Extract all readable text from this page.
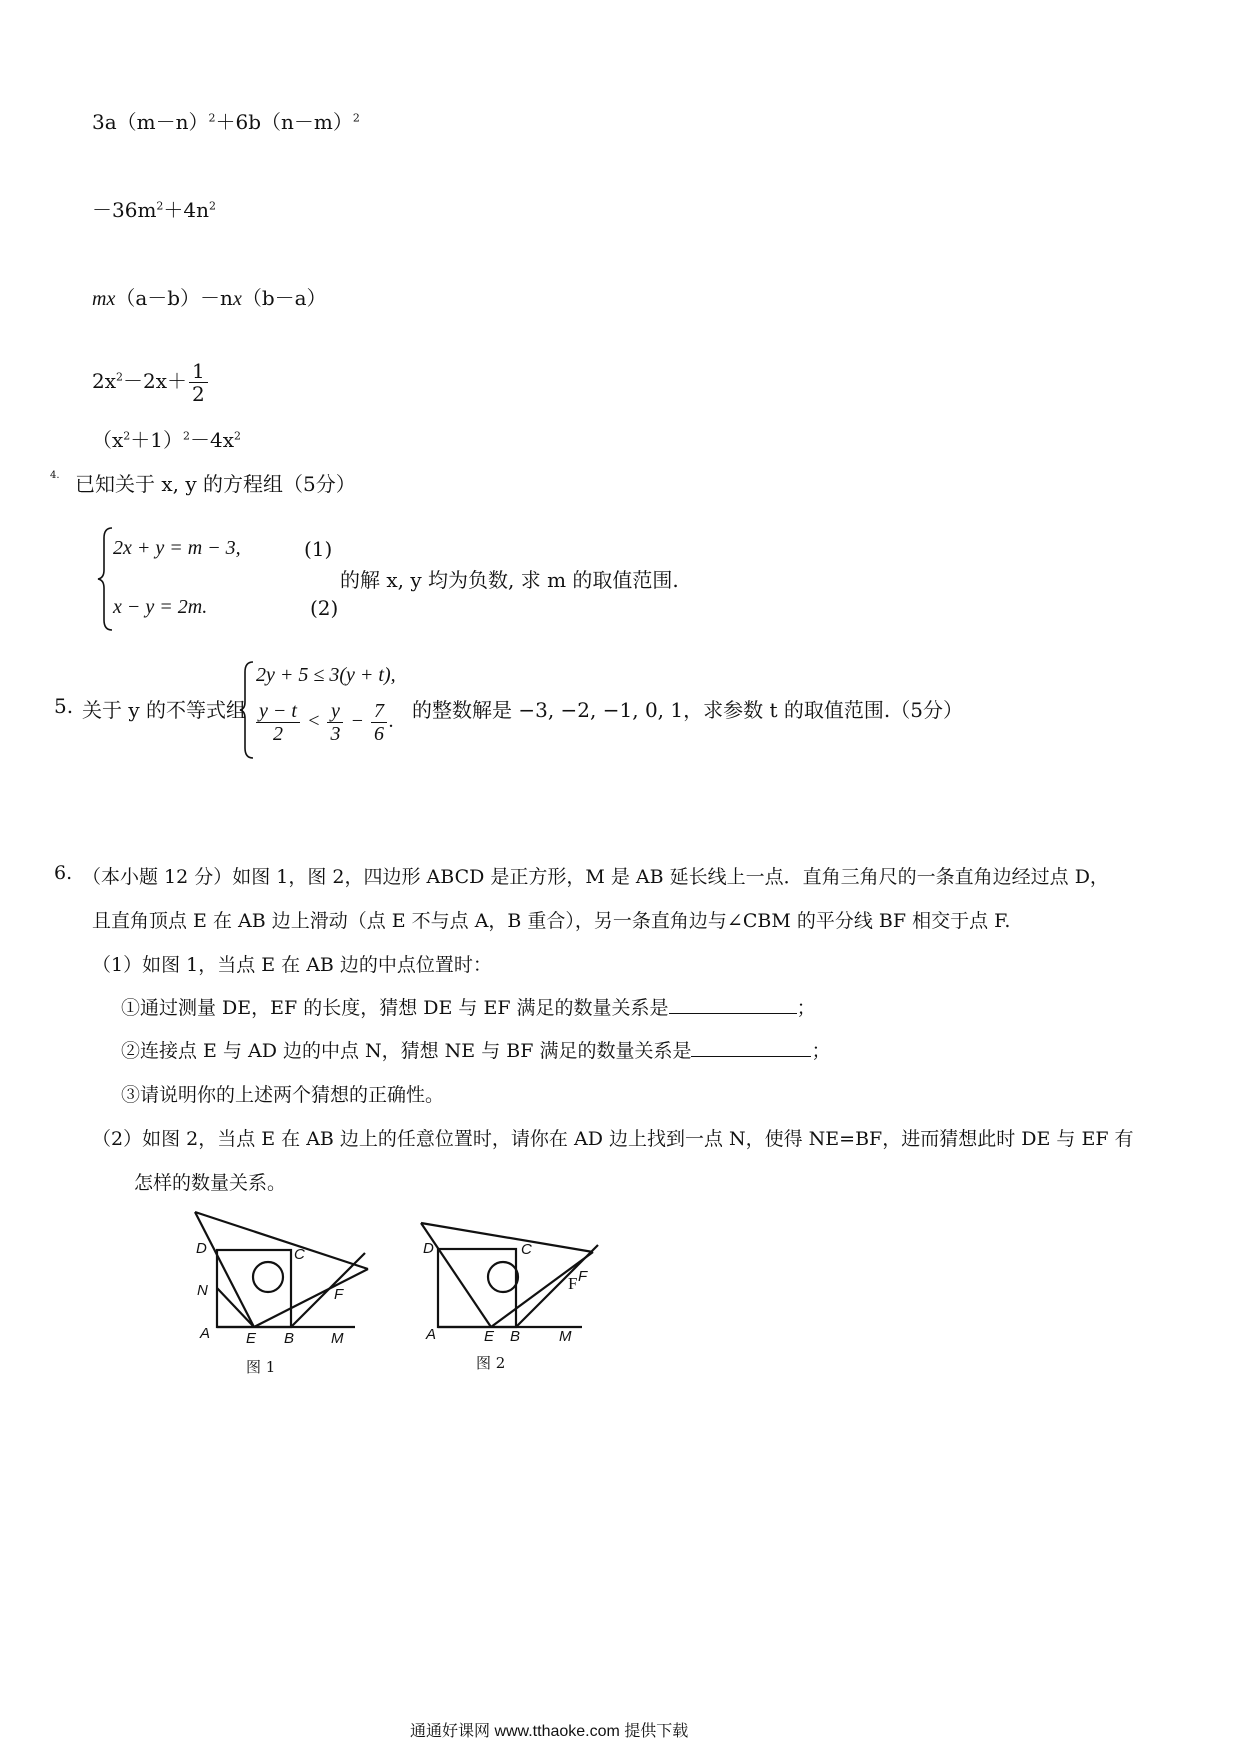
$3a(m-n)^2+6b(n-m)^2$
$-36m^2+4n^2$
mx（a－b）－nx（b－a）
$2x^2-2x+ \frac{1}{2}$
$(x^2+1)^2-4x^2$
4. 已知关于 x, y 的方程组（5分）
2x + y = m − 3,	(1)
x − y = 2m.	(2)
的解 x, y 均为负数, 求 m 的取值范围.
5. 关于 y 的不等式组
2y + 5 ≤ 3(y + t),
$\frac{y - t}{2} < \frac{y}{3} - \frac{7}{6}$ . 的整数解是 −3, −2, −1, 0, 1，求参数 t 的取值范围.（5分）
6. （本小题 12 分）如图 1，图 2，四边形 ABCD 是正方形，M 是 AB 延长线上一点．直角三角尺的一条直角边经过点 D，
且直角顶点 E 在 AB 边上滑动（点 E 不与点 A，B 重合），另一条直角边与∠CBM 的平分线 BF 相交于点 F.
（1）如图 1，当点 E 在 AB 边的中点位置时：
①通过测量 DE，EF 的长度，猜想 DE 与 EF 满足的数量关系是	；
②连接点 E 与 AD 边的中点 N，猜想 NE 与 BF 满足的数量关系是	；
③请说明你的上述两个猜想的正确性。
（2）如图 2，当点 E 在 AB 边上的任意位置时，请你在 AD 边上找到一点 N，使得 NE=BF，进而猜想此时 DE 与 EF 有
怎样的数量关系。
D	C
N	F
A E B M
图 1
D	C
F
F
A	E B	M
图 2
通通好课网 www.tthaoke.com 提供下载
